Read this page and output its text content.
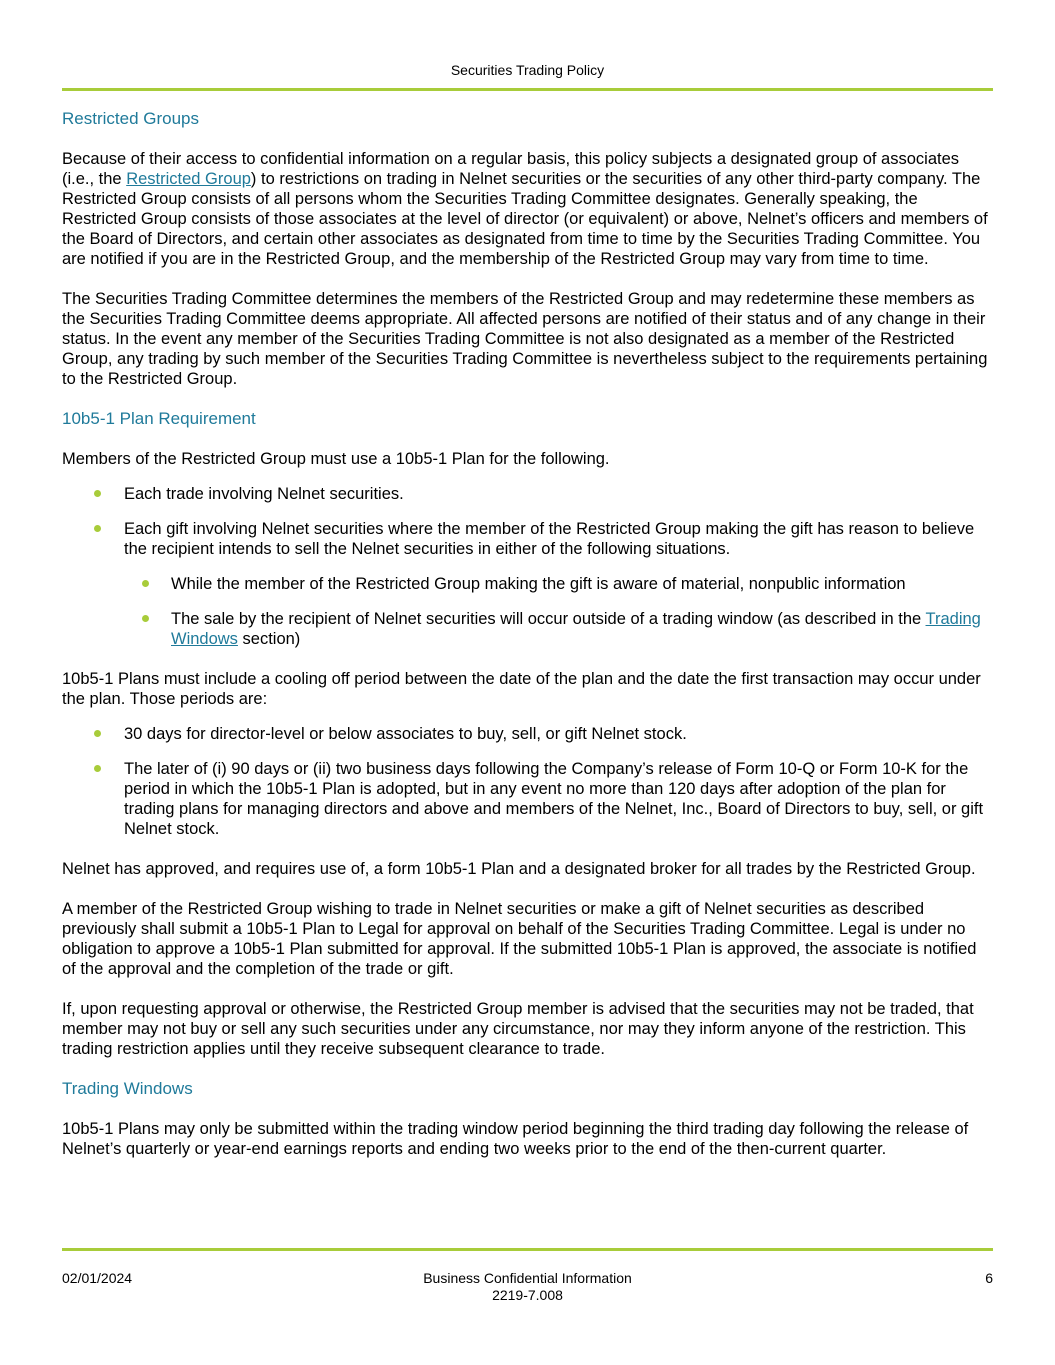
Securities Trading Policy
Restricted Groups

Because of their access to confidential information on a regular basis, this policy subjects a designated group of associates (i.e., the Restricted Group) to restrictions on trading in Nelnet securities or the securities of any other third-party company. The Restricted Group consists of all persons whom the Securities Trading Committee designates. Generally speaking, the Restricted Group consists of those associates at the level of director (or equivalent) or above, Nelnet’s officers and members of the Board of Directors, and certain other associates as designated from time to time by the Securities Trading Committee. You are notified if you are in the Restricted Group, and the membership of the Restricted Group may vary from time to time.

The Securities Trading Committee determines the members of the Restricted Group and may redetermine these members as the Securities Trading Committee deems appropriate. All affected persons are notified of their status and of any change in their status. In the event any member of the Securities Trading Committee is not also designated as a member of the Restricted Group, any trading by such member of the Securities Trading Committee is nevertheless subject to the requirements pertaining to the Restricted Group.

10b5-1 Plan Requirement

Members of the Restricted Group must use a 10b5-1 Plan for the following.

Each trade involving Nelnet securities.
Each gift involving Nelnet securities where the member of the Restricted Group making the gift has reason to believe the recipient intends to sell the Nelnet securities in either of the following situations.
While the member of the Restricted Group making the gift is aware of material, nonpublic information
The sale by the recipient of Nelnet securities will occur outside of a trading window (as described in the Trading Windows section)

10b5-1 Plans must include a cooling off period between the date of the plan and the date the first transaction may occur under the plan. Those periods are:

30 days for director-level or below associates to buy, sell, or gift Nelnet stock.
The later of (i) 90 days or (ii) two business days following the Company’s release of Form 10-Q or Form 10-K for the period in which the 10b5-1 Plan is adopted, but in any event no more than 120 days after adoption of the plan for trading plans for managing directors and above and members of the Nelnet, Inc., Board of Directors to buy, sell, or gift Nelnet stock.

Nelnet has approved, and requires use of, a form 10b5-1 Plan and a designated broker for all trades by the Restricted Group.

A member of the Restricted Group wishing to trade in Nelnet securities or make a gift of Nelnet securities as described previously shall submit a 10b5-1 Plan to Legal for approval on behalf of the Securities Trading Committee. Legal is under no obligation to approve a 10b5-1 Plan submitted for approval. If the submitted 10b5-1 Plan is approved, the associate is notified of the approval and the completion of the trade or gift.

If, upon requesting approval or otherwise, the Restricted Group member is advised that the securities may not be traded, that member may not buy or sell any such securities under any circumstance, nor may they inform anyone of the restriction. This trading restriction applies until they receive subsequent clearance to trade.

Trading Windows

10b5-1 Plans may only be submitted within the trading window period beginning the third trading day following the release of Nelnet’s quarterly or year-end earnings reports and ending two weeks prior to the end of the then-current quarter.

02/01/2024	Business Confidential Information
2219-7.008
6
